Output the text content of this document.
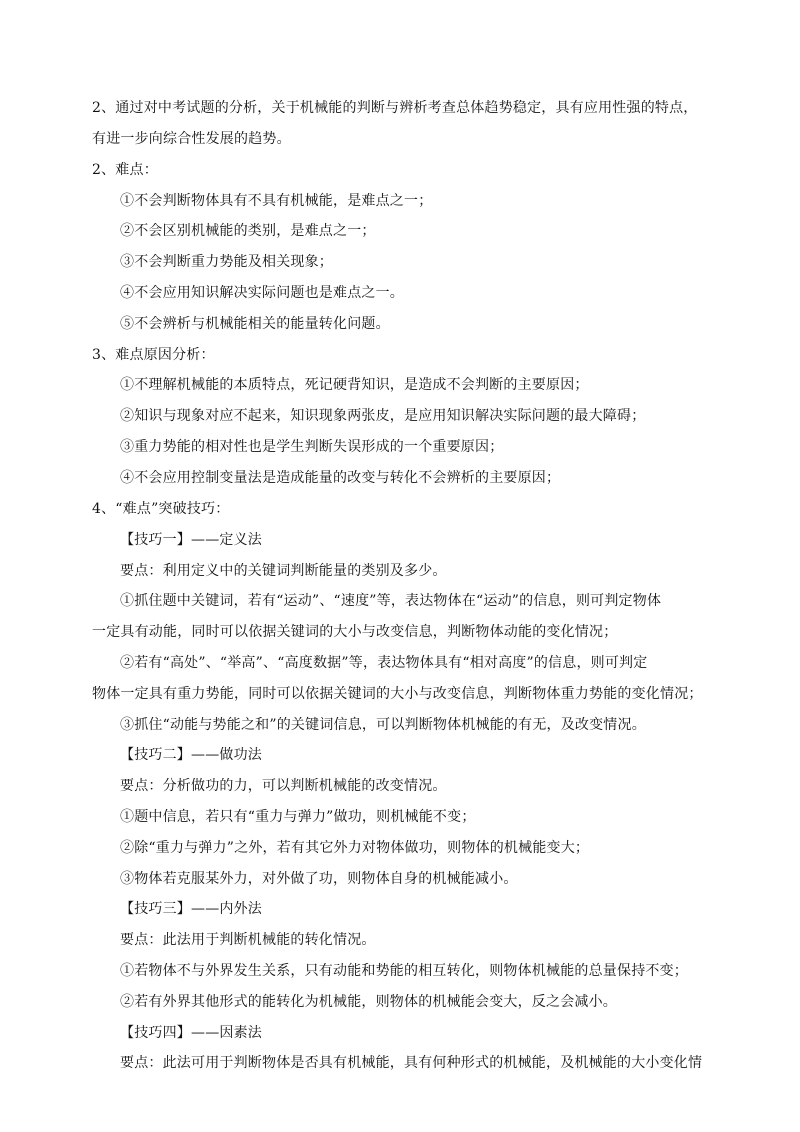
2、通过对中考试题的分析，关于机械能的判断与辨析考查总体趋势稳定，具有应用性强的特点，
有进一步向综合性发展的趋势。
2、难点：
①不会判断物体具有不具有机械能，是难点之一；
②不会区别机械能的类别，是难点之一；
③不会判断重力势能及相关现象；
④不会应用知识解决实际问题也是难点之一。
⑤不会辨析与机械能相关的能量转化问题。
3、难点原因分析：
①不理解机械能的本质特点，死记硬背知识，是造成不会判断的主要原因；
②知识与现象对应不起来，知识现象两张皮，是应用知识解决实际问题的最大障碍；
③重力势能的相对性也是学生判断失误形成的一个重要原因；
④不会应用控制变量法是造成能量的改变与转化不会辨析的主要原因；
4、“难点”突破技巧：
【技巧一】——定义法
要点：利用定义中的关键词判断能量的类别及多少。
①抓住题中关键词，若有“运动”、“速度”等，表达物体在“运动”的信息，则可判定物体
一定具有动能，同时可以依据关键词的大小与改变信息，判断物体动能的变化情况；
②若有“高处”、“举高”、“高度数据”等，表达物体具有“相对高度”的信息，则可判定
物体一定具有重力势能，同时可以依据关键词的大小与改变信息，判断物体重力势能的变化情况；
③抓住“动能与势能之和”的关键词信息，可以判断物体机械能的有无，及改变情况。
【技巧二】——做功法
要点：分析做功的力，可以判断机械能的改变情况。
①题中信息，若只有“重力与弹力”做功，则机械能不变；
②除“重力与弹力”之外，若有其它外力对物体做功，则物体的机械能变大；
③物体若克服某外力，对外做了功，则物体自身的机械能减小。
【技巧三】——内外法
要点：此法用于判断机械能的转化情况。
①若物体不与外界发生关系，只有动能和势能的相互转化，则物体机械能的总量保持不变；
②若有外界其他形式的能转化为机械能，则物体的机械能会变大，反之会减小。
【技巧四】——因素法
要点：此法可用于判断物体是否具有机械能，具有何种形式的机械能，及机械能的大小变化情
